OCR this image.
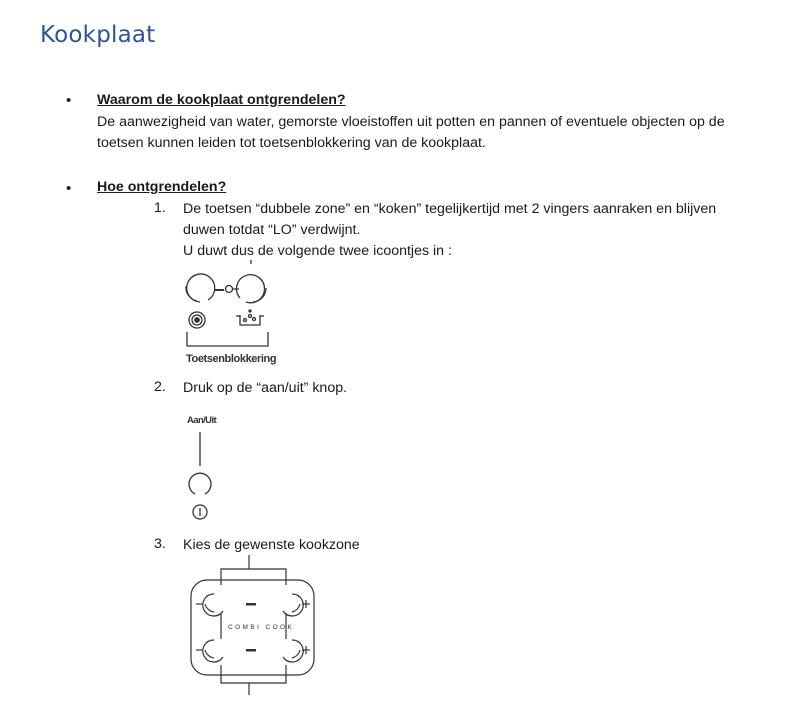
Kookplaat
• Waarom de kookplaat ontgrendelen?
De aanwezigheid van water, gemorste vloeistoffen uit potten en pannen of eventuele objecten op de
toetsen kunnen leiden tot toetsenblokkering van de kookplaat.
• Hoe ontgrendelen?
1. De toetsen “dubbele zone” en “koken” tegelijkertijd met 2 vingers aanraken en blijven
duwen totdat “LO” verdwijnt.
U duwt dus de volgende twee icoontjes in :
Toetsenblokkering
2. Druk op de “aan/uit” knop.
Aan/Uit
3. Kies de gewenste kookzone
COMBI COOK
